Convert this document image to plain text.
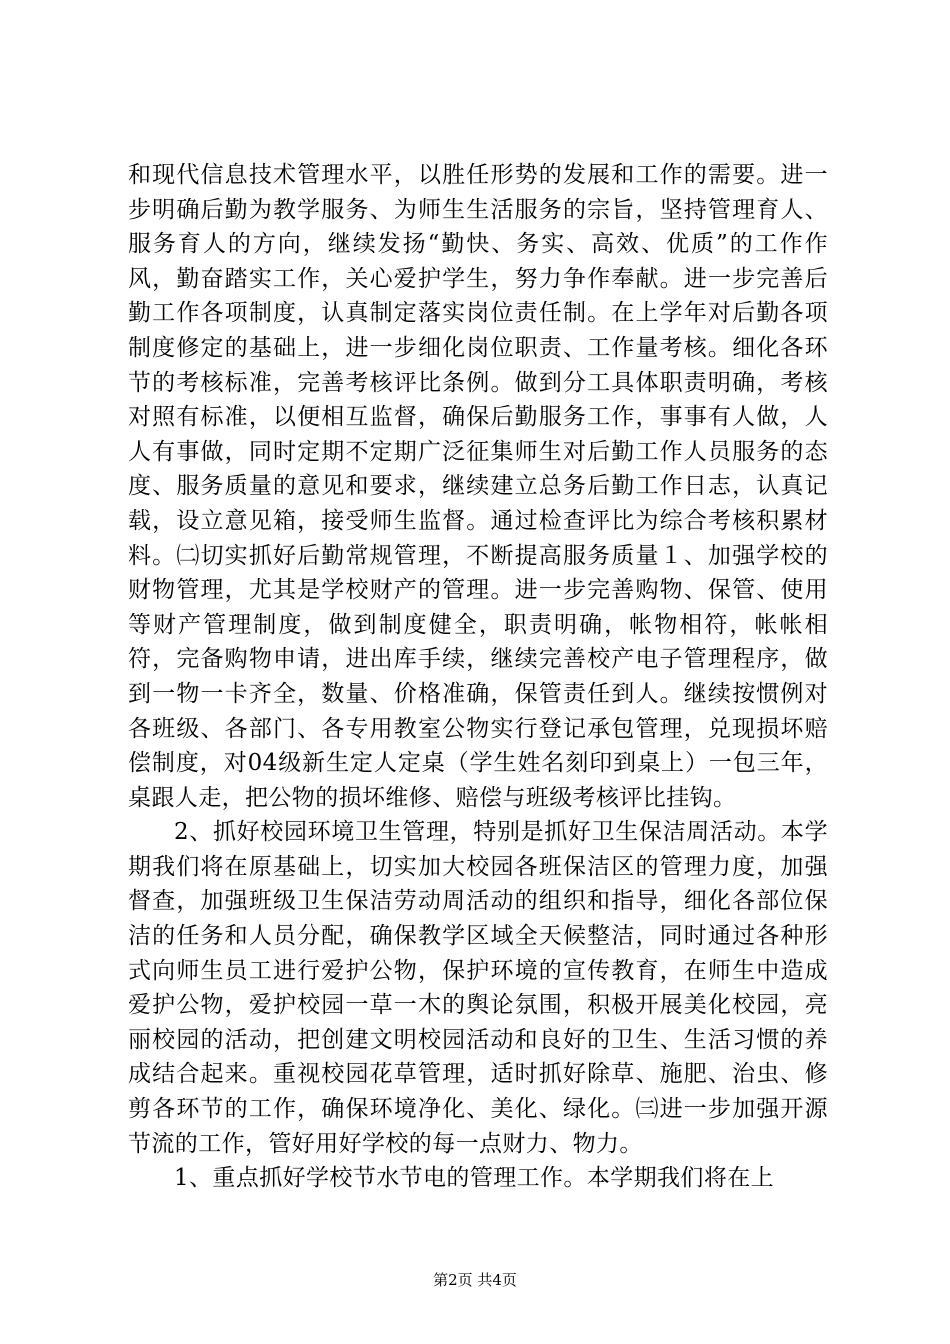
和现代信息技术管理水平，以胜任形势的发展和工作的需要。进一步明确后勤为教学服务、为师生生活服务的宗旨，坚持管理育人、服务育人的方向，继续发扬“勤快、务实、高效、优质”的工作作风，勤奋踏实工作，关心爱护学生，努力争作奉献。进一步完善后勤工作各项制度，认真制定落实岗位责任制。在上学年对后勤各项制度修定的基础上，进一步细化岗位职责、工作量考核。细化各环节的考核标准，完善考核评比条例。做到分工具体职责明确，考核对照有标准，以便相互监督，确保后勤服务工作，事事有人做，人人有事做，同时定期不定期广泛征集师生对后勤工作人员服务的态度、服务质量的意见和要求，继续建立总务后勤工作日志，认真记载，设立意见箱，接受师生监督。通过检查评比为综合考核积累材料。㈡切实抓好后勤常规管理，不断提高服务质量１、加强学校的财物管理，尤其是学校财产的管理。进一步完善购物、保管、使用等财产管理制度，做到制度健全，职责明确，帐物相符，帐帐相符，完备购物申请，进出库手续，继续完善校产电子管理程序，做到一物一卡齐全，数量、价格准确，保管责任到人。继续按惯例对各班级、各部门、各专用教室公物实行登记承包管理，兑现损坏赔偿制度，对04级新生定人定桌（学生姓名刻印到桌上）一包三年，桌跟人走，把公物的损坏维修、赔偿与班级考核评比挂钩。

2、抓好校园环境卫生管理，特别是抓好卫生保洁周活动。本学期我们将在原基础上，切实加大校园各班保洁区的管理力度，加强督查，加强班级卫生保洁劳动周活动的组织和指导，细化各部位保洁的任务和人员分配，确保教学区域全天候整洁，同时通过各种形式向师生员工进行爱护公物，保护环境的宣传教育，在师生中造成爱护公物，爱护校园一草一木的舆论氛围，积极开展美化校园，亮丽校园的活动，把创建文明校园活动和良好的卫生、生活习惯的养成结合起来。重视校园花草管理，适时抓好除草、施肥、治虫、修剪各环节的工作，确保环境净化、美化、绿化。㈢进一步加强开源节流的工作，管好用好学校的每一点财力、物力。

1、重点抓好学校节水节电的管理工作。本学期我们将在上

第2页 共4页
